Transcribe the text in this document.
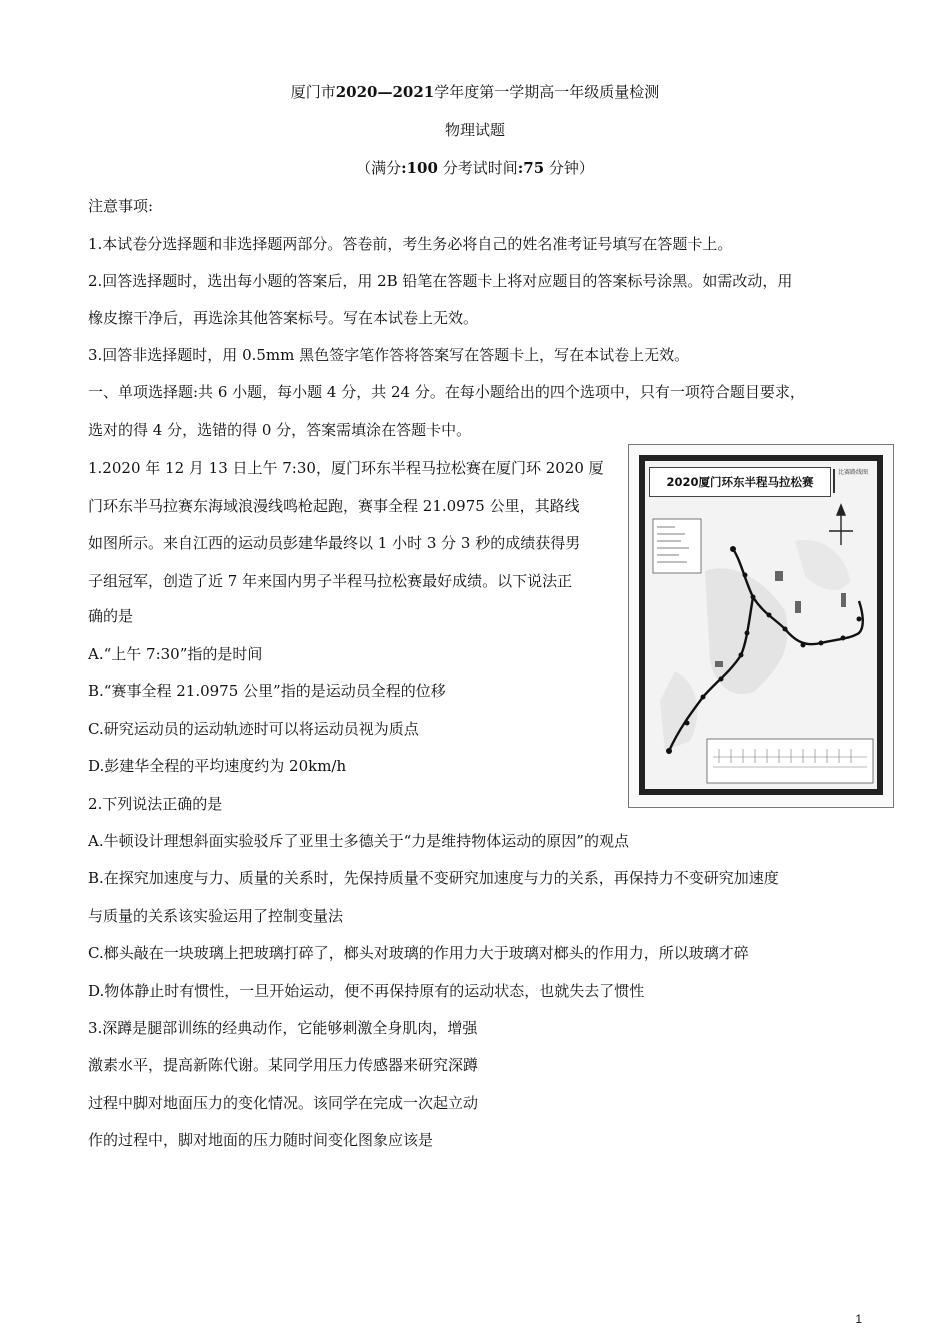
厦门市2020—2021学年度第一学期高一年级质量检测
物理试题
（满分:100 分考试时间:75 分钟）
注意事项:
1.本试卷分选择题和非选择题两部分。答卷前，考生务必将自己的姓名准考证号填写在答题卡上。
2.回答选择题时，选出每小题的答案后，用 2B 铅笔在答题卡上将对应题目的答案标号涂黑。如需改动，用
橡皮擦干净后，再选涂其他答案标号。写在本试卷上无效。
3.回答非选择题时，用 0.5mm 黑色签字笔作答将答案写在答题卡上，写在本试卷上无效。
一、单项选择题:共 6 小题，每小题 4 分，共 24 分。在每小题给出的四个选项中，只有一项符合题目要求，
选对的得 4 分，选错的得 0 分，答案需填涂在答题卡中。
1.2020 年 12 月 13 日上午 7:30，厦门环东半程马拉松赛在厦门环 2020 厦
门环东半马拉赛东海域浪漫线鸣枪起跑，赛事全程 21.0975 公里，其路线
如图所示。来自江西的运动员彭建华最终以 1 小时 3 分 3 秒的成绩获得男
子组冠军，创造了近 7 年来国内男子半程马拉松赛最好成绩。以下说法正
确的是
A.“上午 7:30”指的是时间
B.“赛事全程 21.0975 公里”指的是运动员全程的位移
C.研究运动员的运动轨迹时可以将运动员视为质点
D.彭建华全程的平均速度约为 20km/h
2020厦门环东半程马拉松赛
比赛路线图
2.下列说法正确的是
A.牛顿设计理想斜面实验驳斥了亚里士多德关于“力是维持物体运动的原因”的观点
B.在探究加速度与力、质量的关系时，先保持质量不变研究加速度与力的关系，再保持力不变研究加速度
与质量的关系该实验运用了控制变量法
C.榔头敲在一块玻璃上把玻璃打碎了，榔头对玻璃的作用力大于玻璃对榔头的作用力，所以玻璃才碎
D.物体静止时有惯性，一旦开始运动，便不再保持原有的运动状态，也就失去了惯性
3.深蹲是腿部训练的经典动作，它能够刺激全身肌肉，增强
激素水平，提高新陈代谢。某同学用压力传感器来研究深蹲
过程中脚对地面压力的变化情况。该同学在完成一次起立动
作的过程中，脚对地面的压力随时间变化图象应该是
1
